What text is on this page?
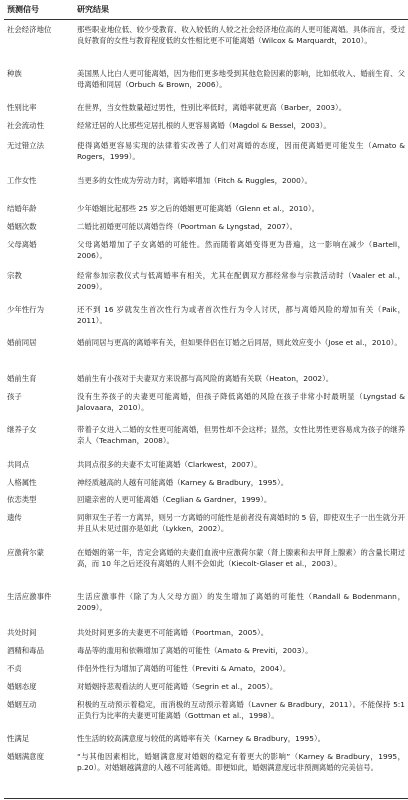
预测信号	研究结果
社会经济地位	那些职业地位低、较少受教育、收入较低的人较之社会经济地位高的人更可能离婚。具体而言，受过良好教育的女性与教育程度低的女性相比更不可能离婚（Wilcox & Marquardt，2010）。
种族	美国黑人比白人更可能离婚，因为他们更多地受到其他危险因素的影响，比如低收入、婚前生育、父母离婚和同居（Orbuch & Brown，2006）。
性别比率	在世界，当女性数量超过男性，性别比率低时，离婚率就更高（Barber，2003）。
社会流动性	经常迁居的人比那些定居扎根的人更容易离婚（Magdol & Bessel，2003）。
无过错立法	使得离婚更容易实现的法律着实改善了人们对离婚的态度，因而使离婚更可能发生（Amato & Rogers，1999）。
工作女性	当更多的女性成为劳动力时，离婚率增加（Fitch & Ruggles，2000）。
结婚年龄	少年婚姻比起那些 25 岁之后的婚姻更可能离婚（Glenn et al.，2010）。
婚姻次数	二婚比初婚更可能以离婚告终（Poortman & Lyngstad，2007）。
父母离婚	父母离婚增加了子女离婚的可能性。然而随着离婚变得更为普遍，这一影响在减少（Bartell，2006）。
宗教	经常参加宗教仪式与低离婚率有相关，尤其在配偶双方都经常参与宗教活动时（Vaaler et al.，2009）。
少年性行为	还不到 16 岁就发生首次性行为或者首次性行为令人讨厌，都与离婚风险的增加有关（Paik，2011）。
婚前同居	婚前同居与更高的离婚率有关，但如果伴侣在订婚之后同居，则此效应变小（Jose et al.，2010）。
婚前生育	婚前生有小孩对于夫妻双方来说都与高风险的离婚有关联（Heaton，2002）。
孩子	没有生养孩子的夫妻更可能离婚，但孩子降低离婚的风险在孩子非常小时最明显（Lyngstad & Jalovaara，2010）。
继养子女	带着子女进入二婚的女性更可能离婚，但男性却不会这样；显然，女性比男性更容易成为孩子的继养亲人（Teachman，2008）。
共同点	共同点很多的夫妻不太可能离婚（Clarkwest，2007）。
人格属性	神经质越高的人越有可能离婚（Karney & Bradbury，1995）。
依恋类型	回避亲密的人更可能离婚（Ceglian & Gardner，1999）。
遗传	同卵双生子若一方离异，则另一方离婚的可能性是前者没有离婚时的 5 倍，即使双生子一出生就分开并且从未见过面亦是如此（Lykken，2002）。
应激荷尔蒙	在婚姻的第一年，肯定会离婚的夫妻们血液中应激荷尔蒙（肾上腺素和去甲肾上腺素）的含量长期过高，而 10 年之后还没有离婚的人则不会如此（Kiecolt-Glaser et al.，2003）。
生活应激事件	生活应激事件（除了为人父母方面）的发生增加了离婚的可能性（Randall & Bodenmann，2009）。
共处时间	共处时间更多的夫妻更不可能离婚（Poortman，2005）。
酒精和毒品	毒品等的滥用和依赖增加了离婚的可能性（Amato & Previti，2003）。
不贞	伴侣外性行为增加了离婚的可能性（Previti & Amato，2004）。
婚姻态度	对婚姻持悲观看法的人更可能离婚（Segrin et al.，2005）。
婚姻互动	积极的互动预示着稳定，而消极的互动预示着离婚（Lavner & Bradbury，2011）。不能保持 5:1 正负行为比率的夫妻更可能离婚（Gottman et al.，1998）。
性满足	性生活的较高满意度与较低的离婚率有关（Karney & Bradbury，1995）。
婚姻满意度	“与其他因素相比，婚姻满意度对婚姻的稳定有着更大的影响”（Karney & Bradbury，1995，p.20）。对婚姻越满意的人越不可能离婚。即便如此，婚姻满意度远非预测离婚的完美信号。
